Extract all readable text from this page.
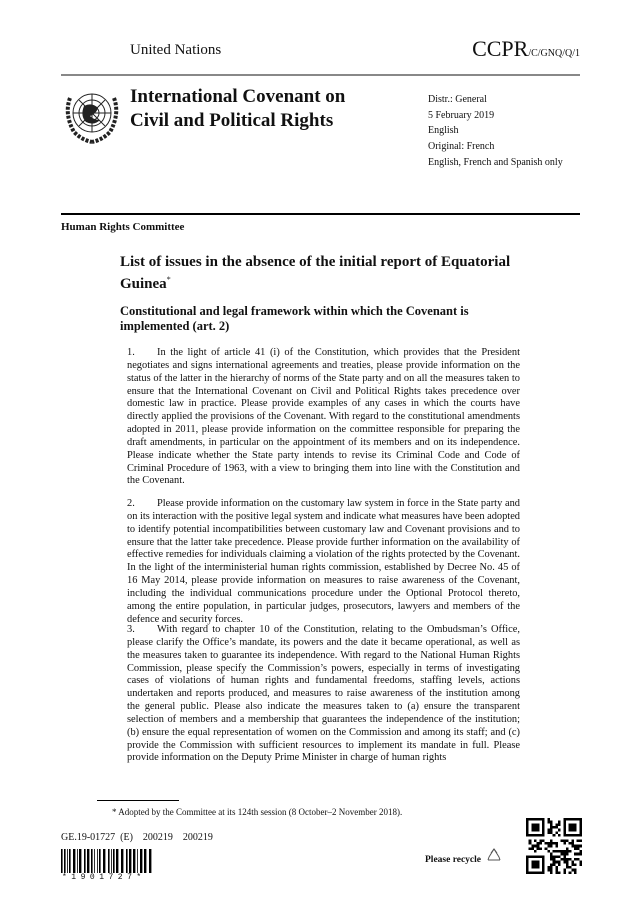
United Nations	CCPR/C/GNQ/Q/1
International Covenant on
Civil and Political Rights
Distr.: General
5 February 2019
English
Original: French
English, French and Spanish only
Human Rights Committee
List of issues in the absence of the initial report of Equatorial Guinea*
Constitutional and legal framework within which the Covenant is implemented (art. 2)
1. In the light of article 41 (i) of the Constitution, which provides that the President negotiates and signs international agreements and treaties, please provide information on the status of the latter in the hierarchy of norms of the State party and on all the measures taken to ensure that the International Covenant on Civil and Political Rights takes precedence over domestic law in practice. Please provide examples of any cases in which the courts have directly applied the provisions of the Covenant. With regard to the constitutional amendments adopted in 2011, please provide information on the committee responsible for preparing the draft amendments, in particular on the appointment of its members and on its independence. Please indicate whether the State party intends to revise its Criminal Code and Code of Criminal Procedure of 1963, with a view to bringing them into line with the Constitution and the Covenant.
2. Please provide information on the customary law system in force in the State party and on its interaction with the positive legal system and indicate what measures have been adopted to identify potential incompatibilities between customary law and Covenant provisions and to ensure that the latter take precedence. Please provide further information on the availability of effective remedies for individuals claiming a violation of the rights protected by the Covenant. In the light of the interministerial human rights commission, established by Decree No. 45 of 16 May 2014, please provide information on measures to raise awareness of the Covenant, including the individual communications procedure under the Optional Protocol thereto, among the entire population, in particular judges, prosecutors, lawyers and members of the defence and security forces.
3. With regard to chapter 10 of the Constitution, relating to the Ombudsman’s Office, please clarify the Office’s mandate, its powers and the date it became operational, as well as the measures taken to guarantee its independence. With regard to the National Human Rights Commission, please specify the Commission’s powers, especially in terms of investigating cases of violations of human rights and fundamental freedoms, staffing levels, actions undertaken and reports produced, and measures to raise awareness of the institution among the general public. Please also indicate the measures taken to (a) ensure the transparent selection of members and a membership that guarantees the independence of the institution; (b) ensure the equal representation of women on the Commission and among its staff; and (c) provide the Commission with sufficient resources to implement its mandate in full. Please provide information on the Deputy Prime Minister in charge of human rights
* Adopted by the Committee at its 124th session (8 October–2 November 2018).
GE.19-01727  (E)    200219    200219
*1901727*
Please recycle
